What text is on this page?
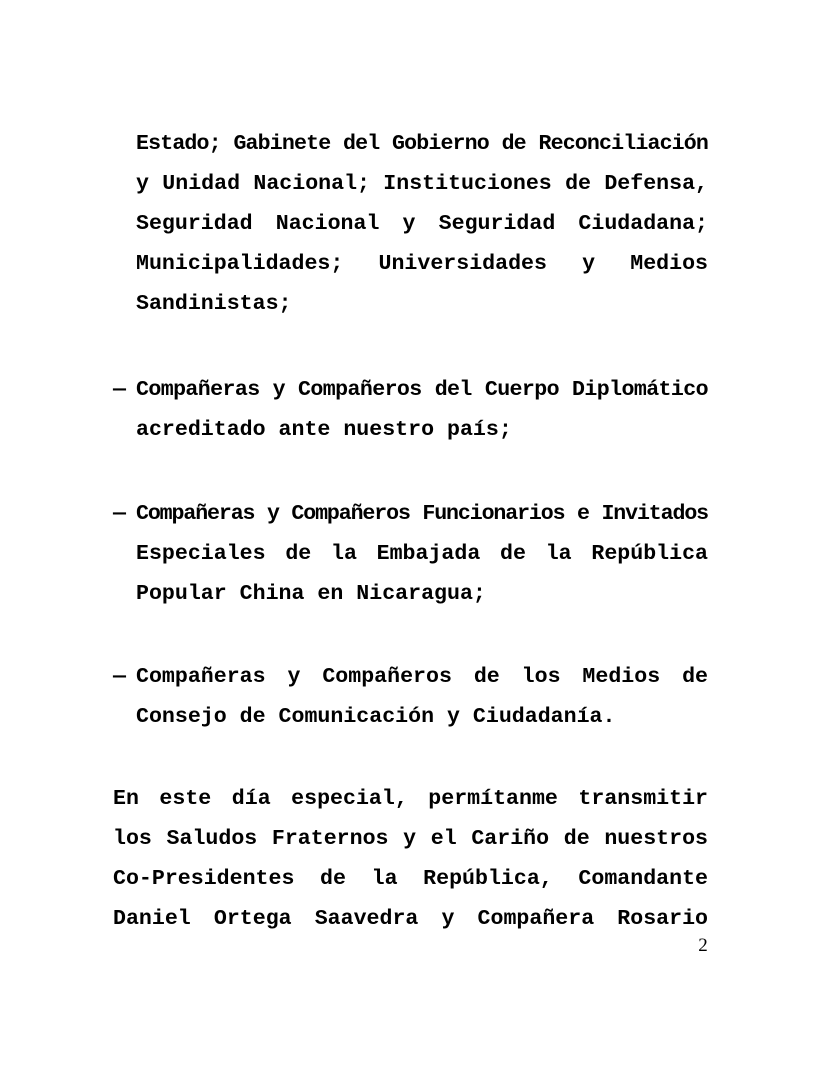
Estado; Gabinete del Gobierno de Reconciliación
y Unidad Nacional; Instituciones de Defensa,
Seguridad Nacional y Seguridad Ciudadana;
Municipalidades; Universidades y Medios
Sandinistas;
— Compañeras y Compañeros del Cuerpo Diplomático
acreditado ante nuestro país;
— Compañeras y Compañeros Funcionarios e Invitados
Especiales de la Embajada de la República
Popular China en Nicaragua;
— Compañeras y Compañeros de los Medios de
Consejo de Comunicación y Ciudadanía.
En este día especial, permítanme transmitir
los Saludos Fraternos y el Cariño de nuestros
Co-Presidentes de la República, Comandante
Daniel Ortega Saavedra y Compañera Rosario
2
